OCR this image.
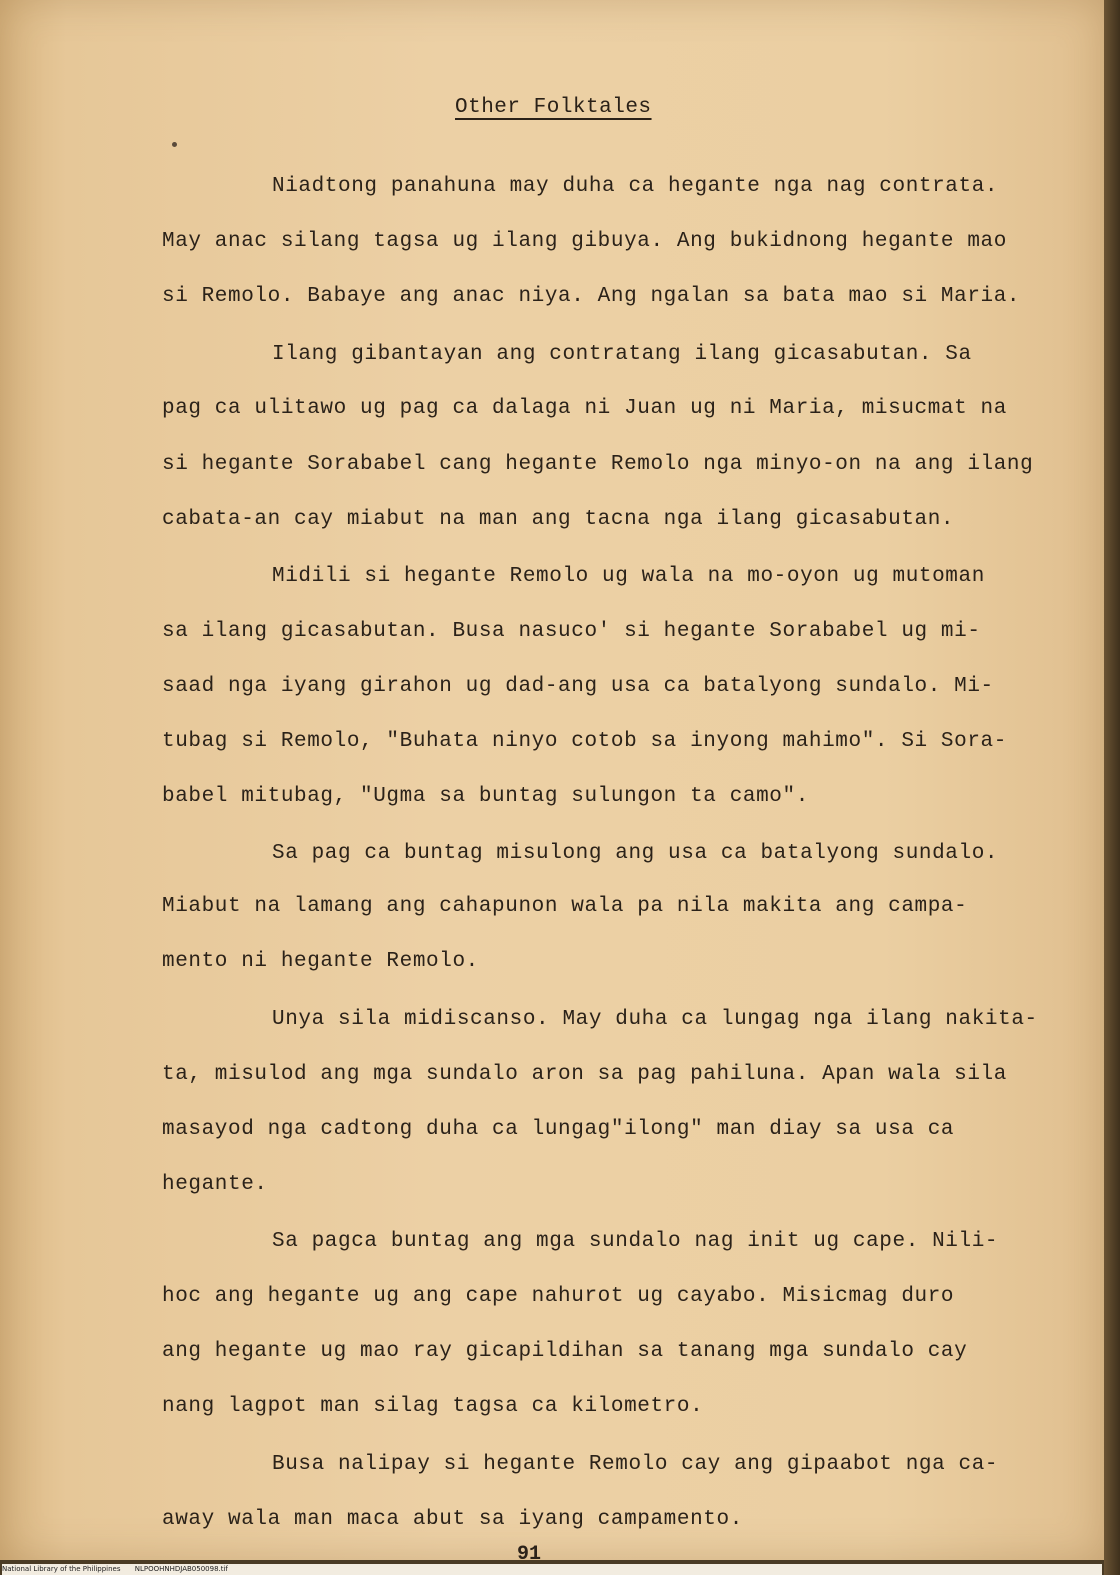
Other Folktales
Niadtong panahuna may duha ca hegante nga nag contrata.
May anac silang tagsa ug ilang gibuya. Ang bukidnong hegante mao
si Remolo. Babaye ang anac niya. Ang ngalan sa bata mao si Maria.
Ilang gibantayan ang contratang ilang gicasabutan. Sa
pag ca ulitawo ug pag ca dalaga ni Juan ug ni Maria, misucmat na
si hegante Sorababel cang hegante Remolo nga minyo-on na ang ilang
cabata-an cay miabut na man ang tacna nga ilang gicasabutan.
Midili si hegante Remolo ug wala na mo-oyon ug mutoman
sa ilang gicasabutan. Busa nasuco' si hegante Sorababel ug mi-
saad nga iyang girahon ug dad-ang usa ca batalyong sundalo. Mi-
tubag si Remolo, "Buhata ninyo cotob sa inyong mahimo". Si Sora-
babel mitubag, "Ugma sa buntag sulungon ta camo".
Sa pag ca buntag misulong ang usa ca batalyong sundalo.
Miabut na lamang ang cahapunon wala pa nila makita ang campa-
mento ni hegante Remolo.
Unya sila midiscanso. May duha ca lungag nga ilang nakita-
ta, misulod ang mga sundalo aron sa pag pahiluna. Apan wala sila
masayod nga cadtong duha ca lungag"ilong" man diay sa usa ca
hegante.
Sa pagca buntag ang mga sundalo nag init ug cape. Nili-
hoc ang hegante ug ang cape nahurot ug cayabo. Misicmag duro
ang hegante ug mao ray gicapildihan sa tanang mga sundalo cay
nang lagpot man silag tagsa ca kilometro.
Busa nalipay si hegante Remolo cay ang gipaabot nga ca-
away wala man maca abut sa iyang campamento.
91
National Library of the Philippines NLPOOHNHDJAB050098.tif
